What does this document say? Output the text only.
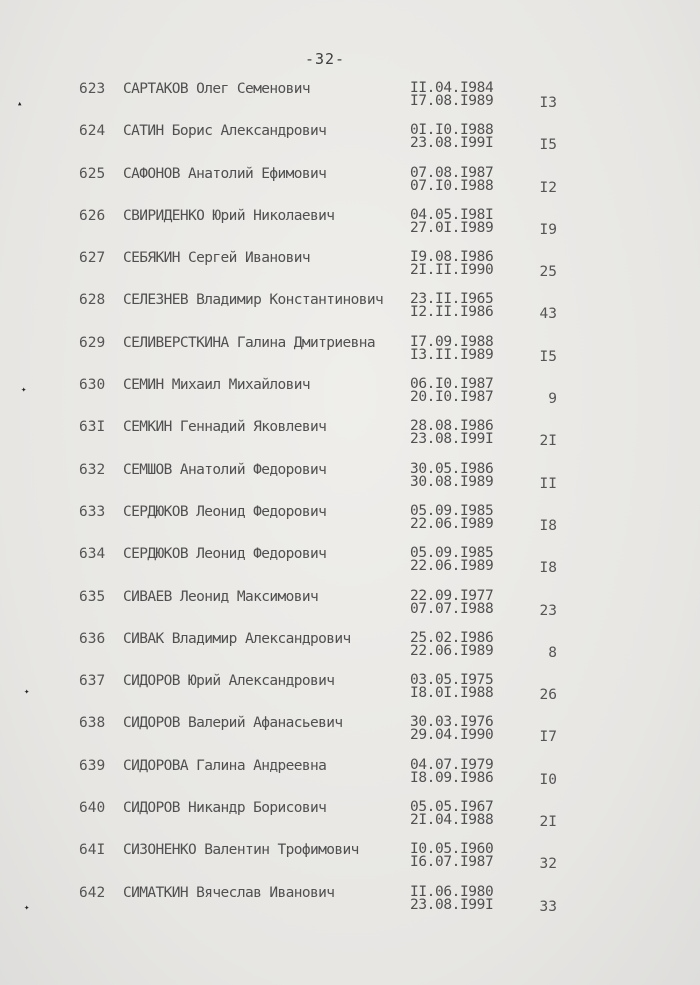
-32-
▴
✦
✦
✦
623 САРТАКОВ Олег Семенович	II.04.I984
I7.08.I989	I3
624 САТИН Борис Александрович	0I.I0.I988
23.08.I99I	I5
625 САФОНОВ Анатолий Ефимович	07.08.I987
07.I0.I988	I2
626 СВИРИДЕНКО Юрий Николаевич	04.05.I98I
27.0I.I989	I9
627 СЕБЯКИН Сергей Иванович	I9.08.I986
2I.II.I990	25
628 СЕЛЕЗНЕВ Владимир Константинович 23.II.I965
I2.II.I986	43
629 СЕЛИВЕРСТКИНА Галина Дмитриевна I7.09.I988
I3.II.I989	I5
630 СЕМИН Михаил Михайлович	06.I0.I987
20.I0.I987	9
63I СЕМКИН Геннадий Яковлевич	28.08.I986
23.08.I99I	2I
632 СЕМШОВ Анатолий Федорович	30.05.I986
30.08.I989	II
633 СЕРДЮКОВ Леонид Федорович	05.09.I985
22.06.I989	I8
634 СЕРДЮКОВ Леонид Федорович	05.09.I985
22.06.I989	I8
635 СИВАЕВ Леонид Максимович	22.09.I977
07.07.I988	23
636 СИВАК Владимир Александрович	25.02.I986
22.06.I989	8
637 СИДОРОВ Юрий Александрович	03.05.I975
I8.0I.I988	26
638 СИДОРОВ Валерий Афанасьевич	30.03.I976
29.04.I990	I7
639 СИДОРОВА Галина Андреевна	04.07.I979
I8.09.I986	I0
640 СИДОРОВ Никандр Борисович	05.05.I967
2I.04.I988	2I
64I СИЗОНЕНКО Валентин Трофимович	I0.05.I960
I6.07.I987	32
642 СИМАТКИН Вячеслав Иванович	II.06.I980
23.08.I99I	33
